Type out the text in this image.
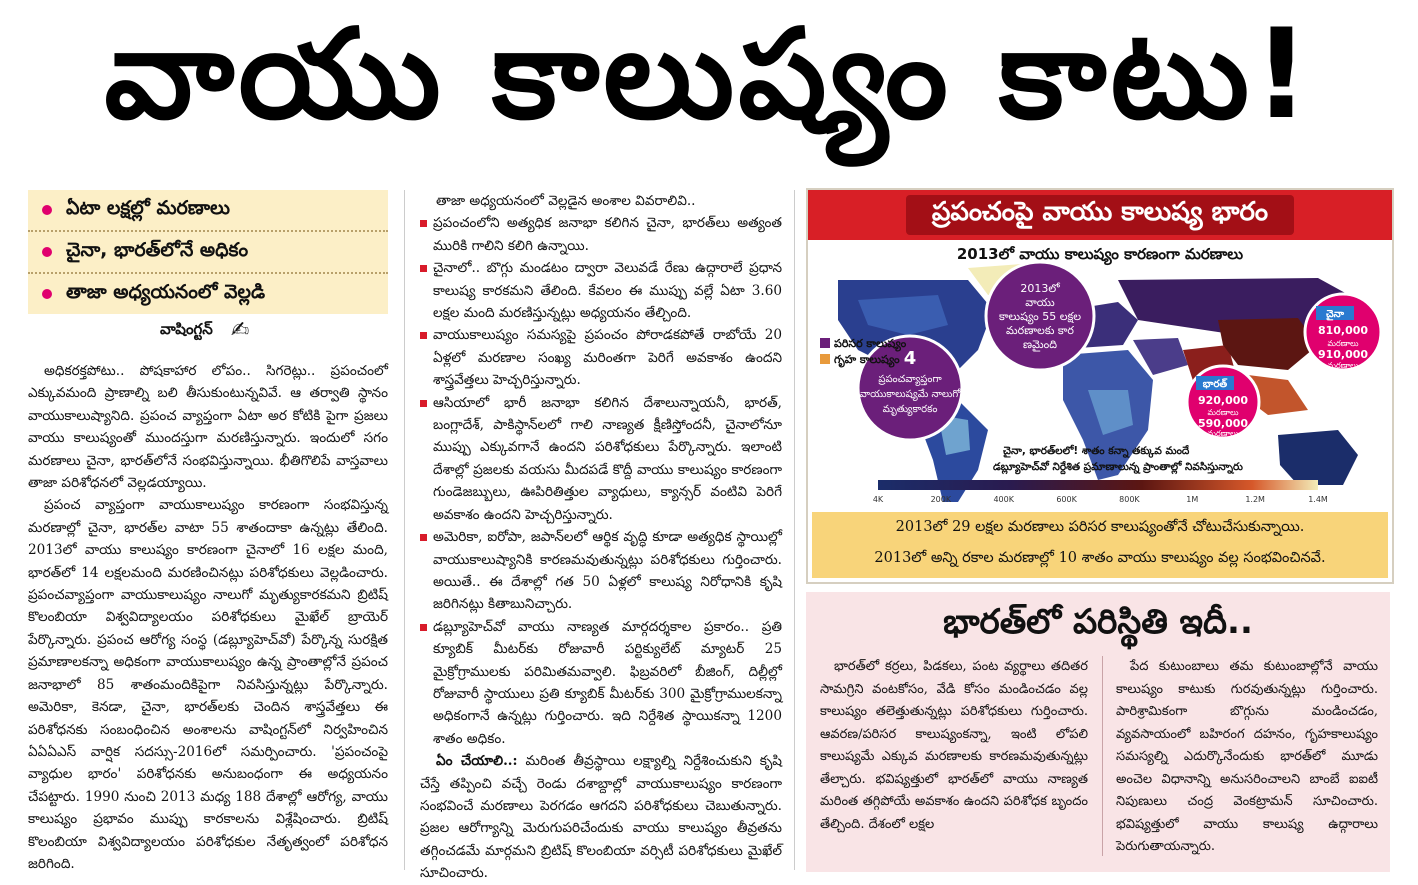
వాయు కాలుష్యం కాటు!
ఏటా లక్షల్లో మరణాలు
చైనా, భారత్‌లోనే అధికం
తాజా అధ్యయనంలో వెల్లడి
వాషింగ్టన్ ✍

అధికరక్తపోటు.. పోషకాహార లోపం.. సిగరెట్లు.. ప్రపంచంలో ఎక్కువమంది ప్రాణాల్ని బలి తీసుకుంటున్నవివే. ఆ తర్వాతి స్థానం వాయుకాలుష్యానిది. ప్రపంచ వ్యాప్తంగా ఏటా అర కోటికి పైగా ప్రజలు వాయు కాలుష్యంతో ముందస్తుగా మరణిస్తున్నారు. ఇందులో సగం మరణాలు చైనా, భారత్‌లోనే సంభవిస్తున్నాయి. భీతిగొలిపే వాస్తవాలు తాజా పరిశోధనలో వెల్లడయ్యాయి.

ప్రపంచ వ్యాప్తంగా వాయుకాలుష్యం కారణంగా సంభవిస్తున్న మరణాల్లో చైనా, భారత్‌ల వాటా 55 శాతందాకా ఉన్నట్లు తేలింది. 2013లో వాయు కాలుష్యం కారణంగా చైనాలో 16 లక్షల మంది, భారత్‌లో 14 లక్షలమంది మరణించినట్లు పరిశోధకులు వెల్లడించారు. ప్రపంచవ్యాప్తంగా వాయుకాలుష్యం నాలుగో మృత్యుకారకమని బ్రిటిష్ కొలంబియా విశ్వవిద్యాలయం పరిశోధకులు మైఖేల్ బ్రాయెర్ పేర్కొన్నారు. ప్రపంచ ఆరోగ్య సంస్థ (డబ్ల్యూహెచ్‌వో) పేర్కొన్న సురక్షిత ప్రమాణాలకన్నా అధికంగా వాయుకాలుష్యం ఉన్న ప్రాంతాల్లోనే ప్రపంచ జనాభాలో 85 శాతంమందికిపైగా నివసిస్తున్నట్లు పేర్కొన్నారు. అమెరికా, కెనడా, చైనా, భారత్‌లకు చెందిన శాస్త్రవేత్తలు ఈ పరిశోధనకు సంబంధించిన అంశాలను వాషింగ్టన్‌లో నిర్వహించిన ఏఏఏఎస్ వార్షిక సదస్సు-2016లో సమర్పించారు. 'ప్రపంచంపై వ్యాధుల భారం' పరిశోధనకు అనుబంధంగా ఈ అధ్యయనం చేపట్టారు. 1990 నుంచి 2013 మధ్య 188 దేశాల్లో ఆరోగ్య, వాయు కాలుష్యం ప్రభావం ముప్పు కారకాలను విశ్లేషించారు. బ్రిటిష్ కొలంబియా విశ్వవిద్యాలయం పరిశోధకుల నేతృత్వంలో పరిశోధన జరిగింది.

తాజా అధ్యయనంలో వెల్లడైన అంశాల వివరాలివి..

ప్రపంచంలోని అత్యధిక జనాభా కలిగిన చైనా, భారత్‌లు అత్యంత మురికి గాలిని కలిగి ఉన్నాయి.
చైనాలో.. బొగ్గు మండటం ద్వారా వెలువడే రేణు ఉద్గారాలే ప్రధాన కాలుష్య కారకమని తేలింది. కేవలం ఈ ముప్పు వల్లే ఏటా 3.60 లక్షల మంది మరణిస్తున్నట్లు అధ్యయనం తేల్చింది.
వాయుకాలుష్యం సమస్యపై ప్రపంచం పోరాడకపోతే రాబోయే 20 ఏళ్లలో మరణాల సంఖ్య మరింతగా పెరిగే అవకాశం ఉందని శాస్త్రవేత్తలు హెచ్చరిస్తున్నారు.
ఆసియాలో భారీ జనాభా కలిగిన దేశాలున్నాయనీ, భారత్, బంగ్లాదేశ్, పాకిస్థాన్‌లలో గాలి నాణ్యత క్షీణిస్తోందనీ, చైనాలోనూ ముప్పు ఎక్కువగానే ఉందని పరిశోధకులు పేర్కొన్నారు. ఇలాంటి దేశాల్లో ప్రజలకు వయసు మీదపడే కొద్దీ వాయు కాలుష్యం కారణంగా గుండెజబ్బులు, ఊపిరితిత్తుల వ్యాధులు, క్యాన్సర్ వంటివి పెరిగే అవకాశం ఉందని హెచ్చరిస్తున్నారు.
అమెరికా, ఐరోపా, జపాన్‌లలో ఆర్థిక వృద్ధి కూడా అత్యధిక స్థాయిల్లో వాయుకాలుష్యానికి కారణమవుతున్నట్లు పరిశోధకులు గుర్తించారు. అయితే.. ఈ దేశాల్లో గత 50 ఏళ్లలో కాలుష్య నిరోధానికి కృషి జరిగినట్లు కితాబునిచ్చారు.
డబ్ల్యూహెచ్‌వో వాయు నాణ్యత మార్గదర్శకాల ప్రకారం.. ప్రతి క్యూబిక్ మీటర్‌కు రోజువారీ పర్టిక్యులేట్ మ్యాటర్ 25 మైక్రోగ్రాములకు పరిమితమవ్వాలి. ఫిబ్రవరిలో బీజింగ్, దిల్లీల్లో రోజువారీ స్థాయులు ప్రతి క్యూబిక్ మీటర్‌కు 300 మైక్రోగ్రాములకన్నా అధికంగానే ఉన్నట్లు గుర్తించారు. ఇది నిర్దేశిత స్థాయికన్నా 1200 శాతం అధికం.

ఏం చేయాలి..: మరింత తీవ్రస్థాయి లక్ష్యాల్ని నిర్దేశించుకుని కృషి చేస్తే తప్పించి వచ్చే రెండు దశాబ్దాల్లో వాయుకాలుష్యం కారణంగా సంభవించే మరణాలు పెరగడం ఆగదని పరిశోధకులు చెబుతున్నారు. ప్రజల ఆరోగ్యాన్ని మెరుగుపరిచేందుకు వాయు కాలుష్యం తీవ్రతను తగ్గించడమే మార్గమని బ్రిటిష్ కొలంబియా వర్సిటీ పరిశోధకులు మైఖేల్ సూచించారు.

ప్రపంచంపై వాయు కాలుష్య భారం
2013లో
వాయు
కాలుష్యం 55 లక్షల
మరణాలకు కార
ణమైంది
4
ప్రపంచవ్యాప్తంగా
వాయుకాలుష్యమే నాలుగో
మృత్యుకారకం
చైనా
810,000
మరణాలు
910,000
మరణాలు
భారత్
920,000
మరణాలు
590,000
మరణాలు
పరిసర కాలుష్యం
గృహ కాలుష్యం
చైనా, భారత్‌లలో! శాతం కన్నా తక్కువ మందే
డబ్ల్యూహెచ్‌వో నిర్దేశిత ప్రమాణాలున్న ప్రాంతాల్లో నివసిస్తున్నారు
4K	200K	400K	600K	800K	1M	1.2M	1.4M
2013లో వాయు కాలుష్యం కారణంగా మరణాలు
2013లో 29 లక్షల మరణాలు పరిసర కాలుష్యంతోనే చోటుచేసుకున్నాయి.
2013లో అన్ని రకాల మరణాల్లో 10 శాతం వాయు కాలుష్యం వల్ల సంభవించినవే.
భారత్‌లో పరిస్థితి ఇదీ..

భారత్‌లో కర్రలు, పిడకలు, పంట వ్యర్థాలు తదితర సామగ్రిని వంటకోసం, వేడి కోసం మండించడం వల్ల కాలుష్యం తలెత్తుతున్నట్లు పరిశోధకులు గుర్తించారు. ఆవరణ/పరిసర కాలుష్యంకన్నా, ఇంటి లోపలి కాలుష్యమే ఎక్కువ మరణాలకు కారణమవుతున్నట్లు తేల్చారు. భవిష్యత్తులో భారత్‌లో వాయు నాణ్యత మరింత తగ్గిపోయే అవకాశం ఉందని పరిశోధక బృందం తేల్చింది. దేశంలో లక్షల

పేద కుటుంబాలు తమ కుటుంబాల్లోనే వాయు కాలుష్యం కాటుకు గురవుతున్నట్లు గుర్తించారు. పారిశ్రామికంగా బొగ్గును మండించడం, వ్యవసాయంలో బహిరంగ దహనం, గృహకాలుష్యం సమస్యల్ని ఎదుర్కొనేందుకు భారత్‌లో మూడు అంచెల విధానాన్ని అనుసరించాలని బాంబే ఐఐటీ నిపుణులు చంద్ర వెంకట్రామన్ సూచించారు. భవిష్యత్తులో వాయు కాలుష్య ఉద్గారాలు పెరుగుతాయన్నారు.
